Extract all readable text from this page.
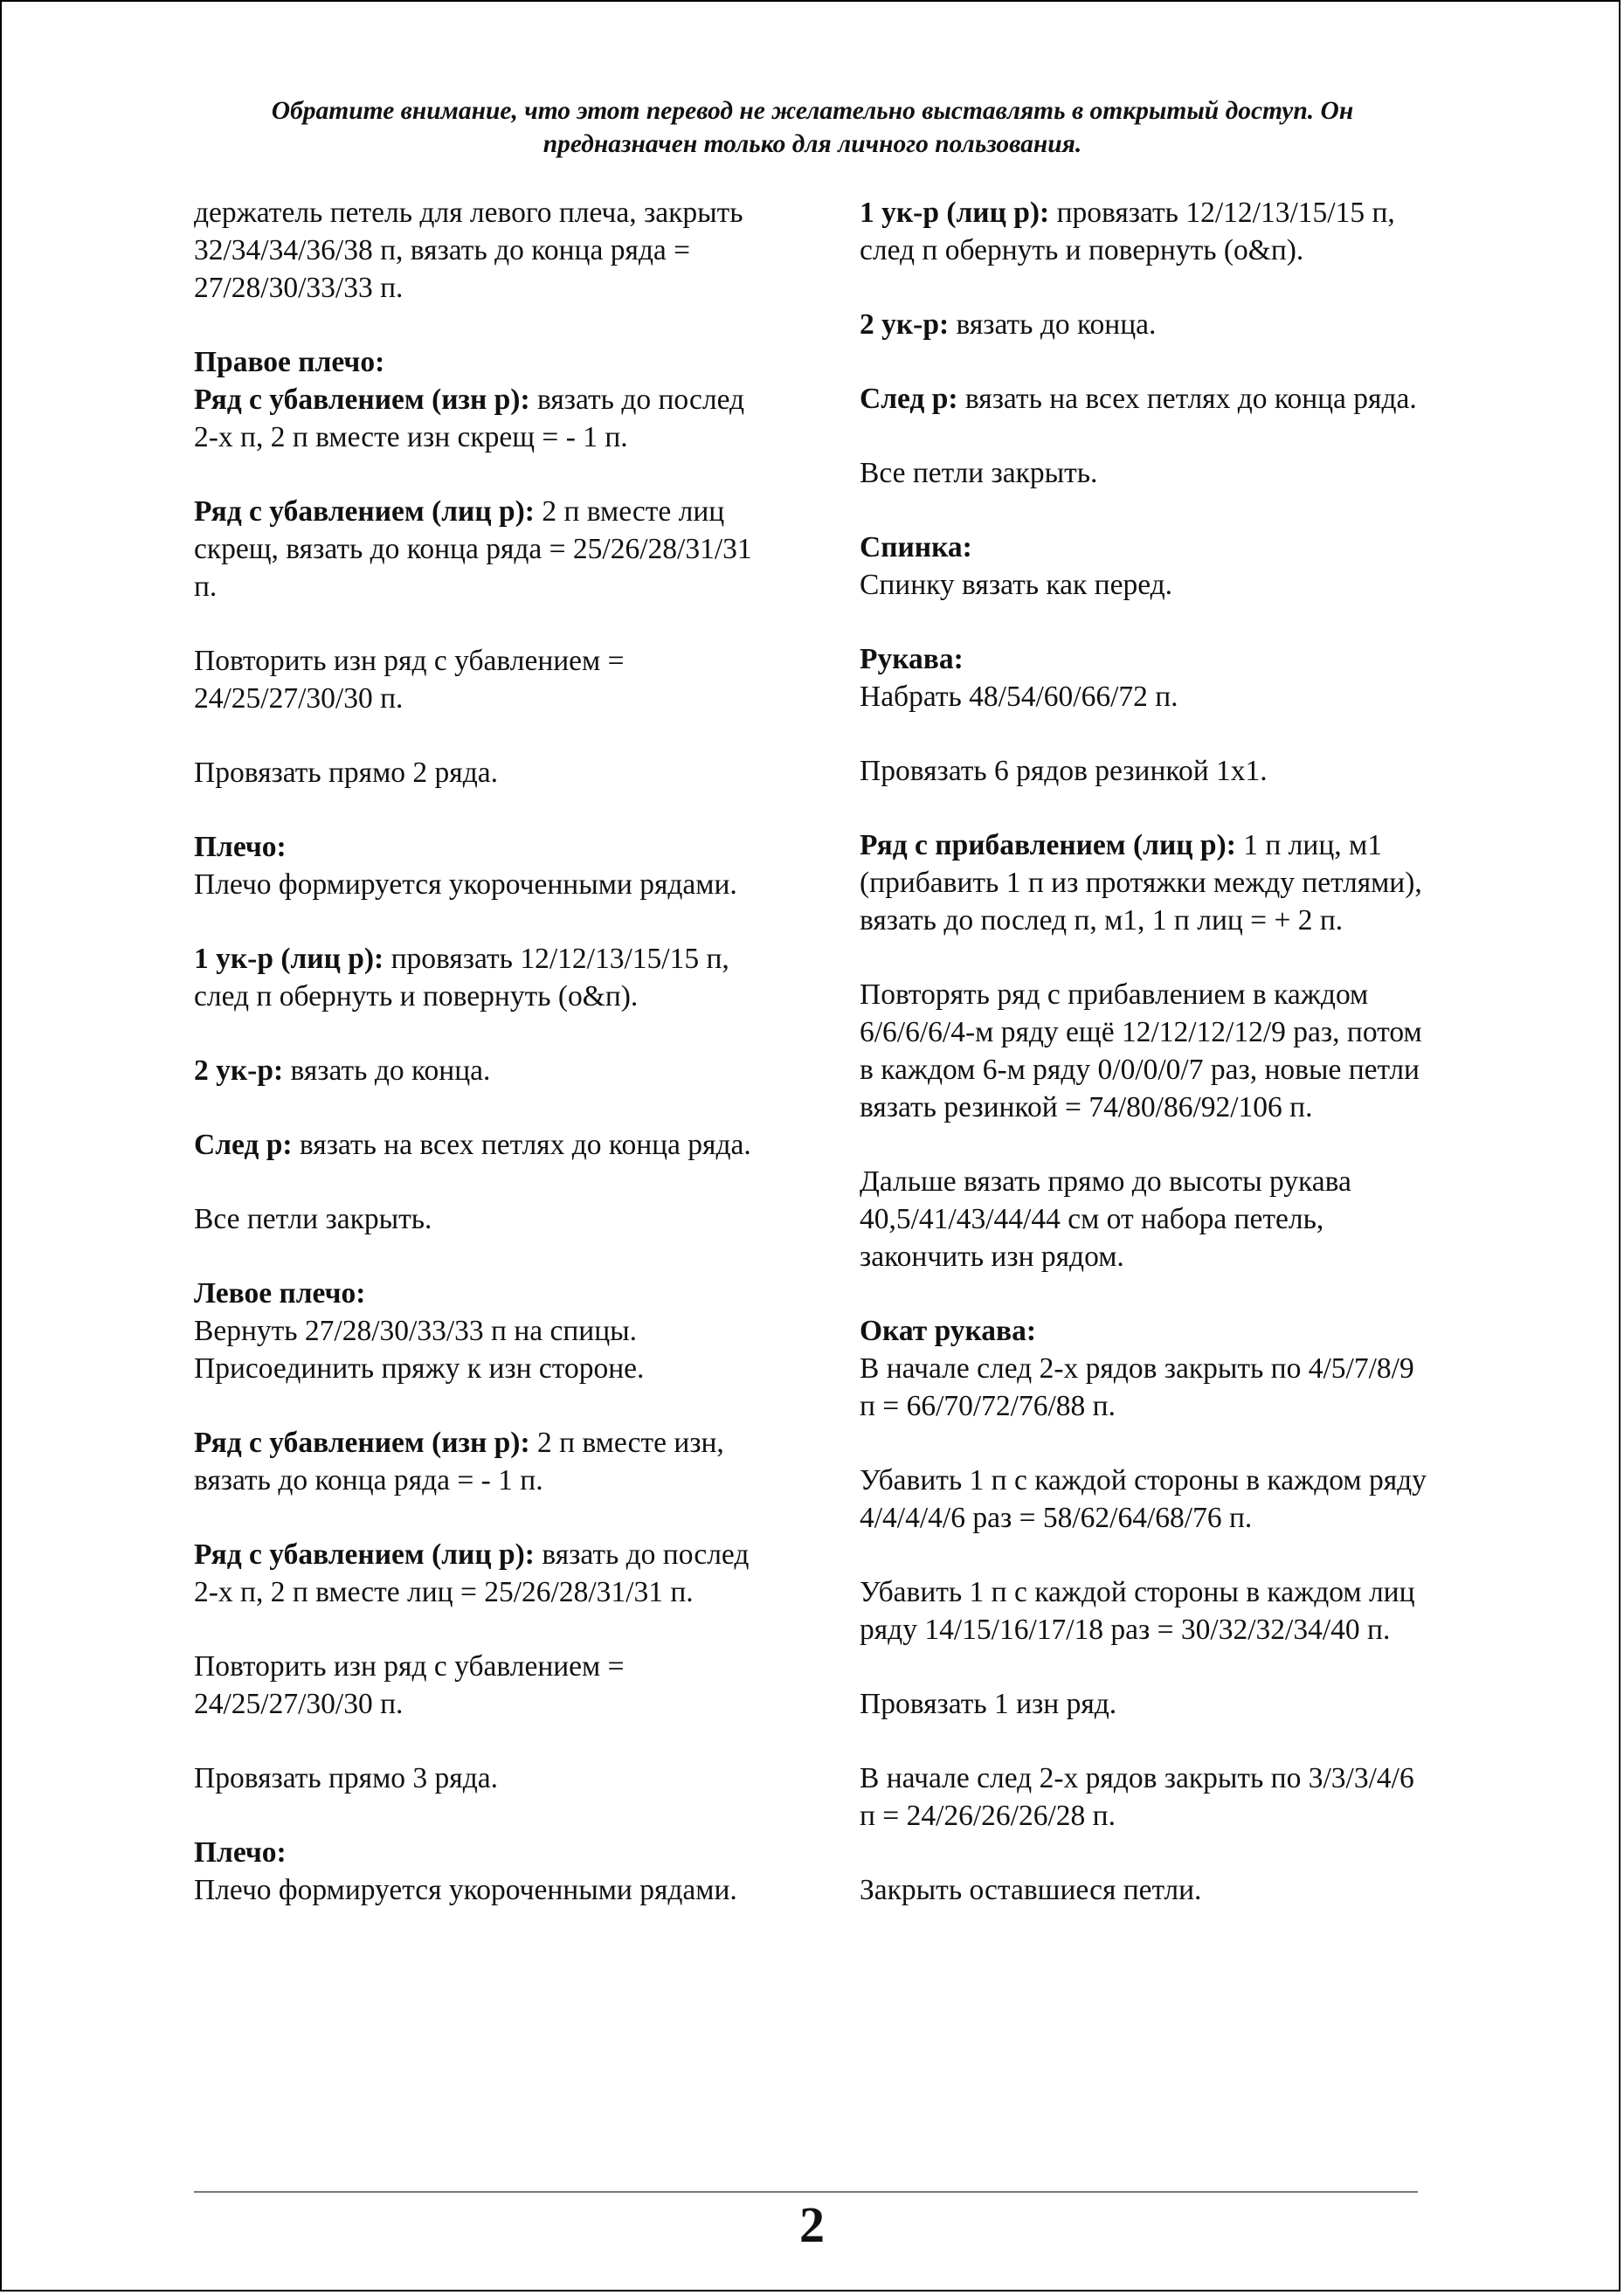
Обратите внимание, что этот перевод не желательно выставлять в открытый доступ. Он предназначен только для личного пользования.
держатель петель для левого плеча, закрыть 32/34/34/36/38 п, вязать до конца ряда = 27/28/30/33/33 п.
Правое плечо:
Ряд с убавлением (изн р): вязать до послед 2-х п, 2 п вместе изн скрещ = - 1 п.
Ряд с убавлением (лиц р): 2 п вместе лиц скрещ, вязать до конца ряда = 25/26/28/31/31 п.
Повторить изн ряд с убавлением = 24/25/27/30/30 п.
Провязать прямо 2 ряда.
Плечо:
Плечо формируется укороченными рядами.
1 ук-р (лиц р): провязать 12/12/13/15/15 п, след п обернуть и повернуть (о&п).
2 ук-р: вязать до конца.
След р: вязать на всех петлях до конца ряда.
Все петли закрыть.
Левое плечо:
Вернуть 27/28/30/33/33 п на спицы. Присоединить пряжу к изн стороне.
Ряд с убавлением (изн р): 2 п вместе изн, вязать до конца ряда = - 1 п.
Ряд с убавлением (лиц р): вязать до послед 2-х п, 2 п вместе лиц = 25/26/28/31/31 п.
Повторить изн ряд с убавлением = 24/25/27/30/30 п.
Провязать прямо 3 ряда.
Плечо:
Плечо формируется укороченными рядами.
1 ук-р (лиц р): провязать 12/12/13/15/15 п, след п обернуть и повернуть (о&п).
2 ук-р: вязать до конца.
След р: вязать на всех петлях до конца ряда.
Все петли закрыть.
Спинка:
Спинку вязать как перед.
Рукава:
Набрать 48/54/60/66/72 п.
Провязать 6 рядов резинкой 1x1.
Ряд с прибавлением (лиц р): 1 п лиц, м1 (прибавить 1 п из протяжки между петлями), вязать до послед п, м1, 1 п лиц = + 2 п.
Повторять ряд с прибавлением в каждом 6/6/6/6/4-м ряду ещё 12/12/12/12/9 раз, потом в каждом 6-м ряду 0/0/0/0/7 раз, новые петли вязать резинкой = 74/80/86/92/106 п.
Дальше вязать прямо до высоты рукава 40,5/41/43/44/44 см от набора петель, закончить изн рядом.
Окат рукава:
В начале след 2-х рядов закрыть по 4/5/7/8/9 п = 66/70/72/76/88 п.
Убавить 1 п с каждой стороны в каждом ряду 4/4/4/4/6 раз = 58/62/64/68/76 п.
Убавить 1 п с каждой стороны в каждом лиц ряду 14/15/16/17/18 раз = 30/32/32/34/40 п.
Провязать 1 изн ряд.
В начале след 2-х рядов закрыть по 3/3/3/4/6 п = 24/26/26/26/28 п.
Закрыть оставшиеся петли.
2
